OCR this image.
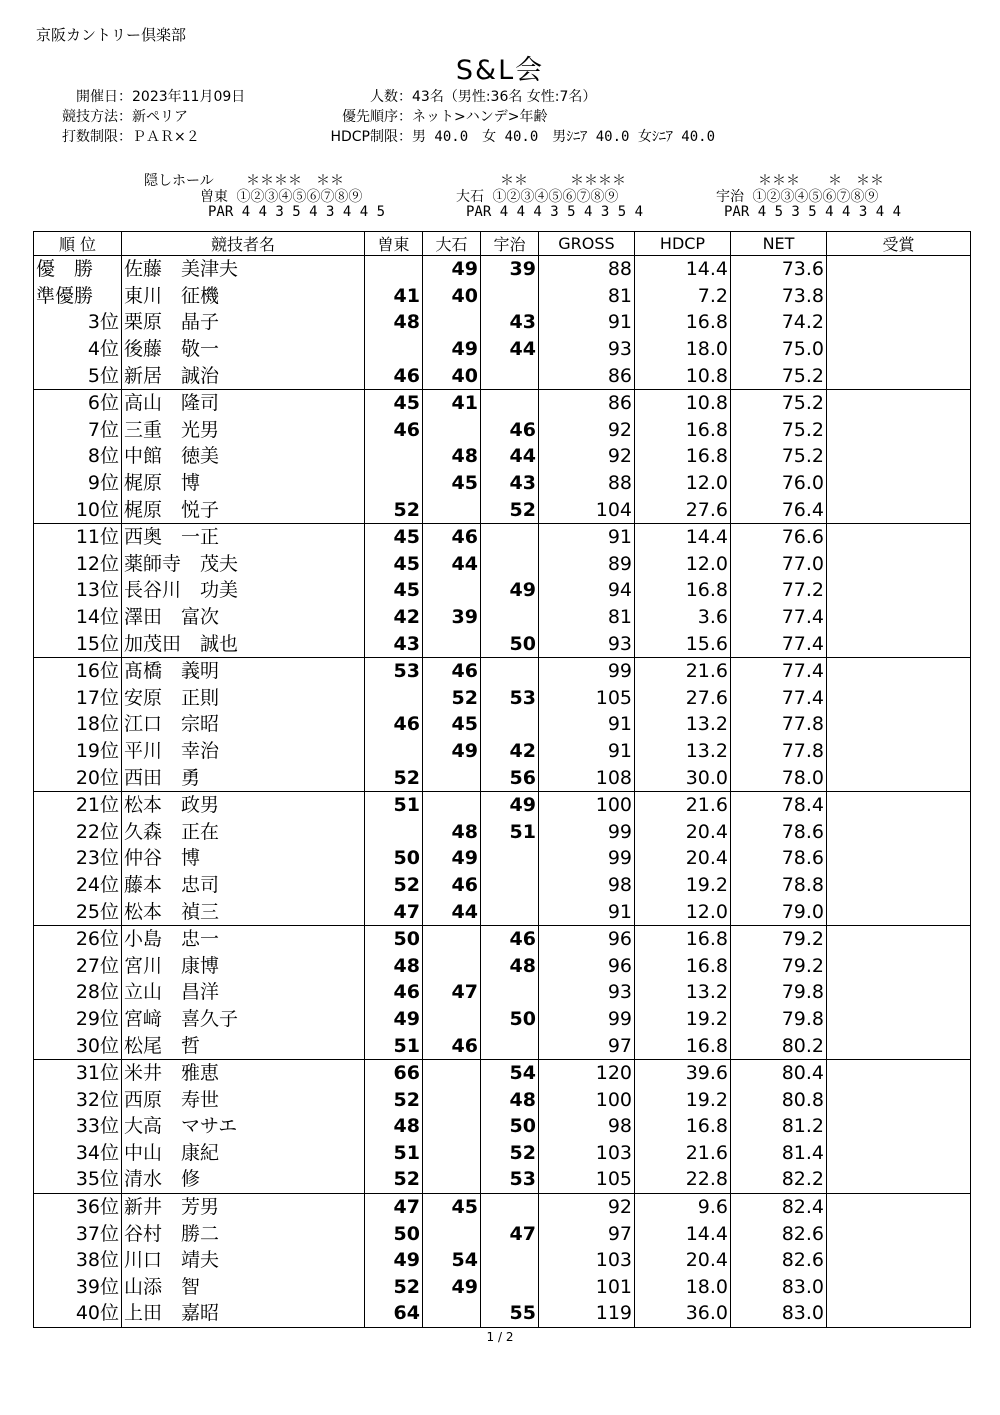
京阪カントリー倶楽部
S&L会
開催日：2023年11月09日
競技方法：新ペリア
打数制限：ＰＡＲ×２
人数：43名（男性:36名 女性:7名）
優先順序：ネット>ハンデ>年齢
HDCP制限：男 40.0　女 40.0　男ｼﾆｱ 40.0 女ｼﾆｱ 40.0
隠しホール ＊＊＊＊　＊＊
曽東 ①②③④⑤⑥⑦⑧⑨
PAR 4 4 3 5 4 3 4 4 5
＊＊　　　＊＊＊＊
大石 ①②③④⑤⑥⑦⑧⑨
PAR 4 4 4 3 5 4 3 5 4
＊＊＊　　＊　＊＊
宇治 ①②③④⑤⑥⑦⑧⑨
PAR 4 5 3 5 4 4 3 4 4
順 位	競技者名	曽東	大石	宇治	GROSS	HDCP	NET	受賞
優　勝	佐藤　美津夫		49	39	88	14.4	73.6	
準優勝	東川　征機	41	40		81	7.2	73.8	
3位	栗原　晶子	48		43	91	16.8	74.2	
4位	後藤　敬一		49	44	93	18.0	75.0	
5位	新居　誠治	46	40		86	10.8	75.2	
6位	高山　隆司	45	41		86	10.8	75.2	
7位	三重　光男	46		46	92	16.8	75.2	
8位	中館　徳美		48	44	92	16.8	75.2	
9位	梶原　博		45	43	88	12.0	76.0	
10位	梶原　悦子	52		52	104	27.6	76.4	
11位	西奥　一正	45	46		91	14.4	76.6	
12位	薬師寺　茂夫	45	44		89	12.0	77.0	
13位	長谷川　功美	45		49	94	16.8	77.2	
14位	澤田　富次	42	39		81	3.6	77.4	
15位	加茂田　誠也	43		50	93	15.6	77.4	
16位	髙橋　義明	53	46		99	21.6	77.4	
17位	安原　正則		52	53	105	27.6	77.4	
18位	江口　宗昭	46	45		91	13.2	77.8	
19位	平川　幸治		49	42	91	13.2	77.8	
20位	西田　勇	52		56	108	30.0	78.0	
21位	松本　政男	51		49	100	21.6	78.4	
22位	久森　正在		48	51	99	20.4	78.6	
23位	仲谷　博	50	49		99	20.4	78.6	
24位	藤本　忠司	52	46		98	19.2	78.8	
25位	松本　禎三	47	44		91	12.0	79.0	
26位	小島　忠一	50		46	96	16.8	79.2	
27位	宮川　康博	48		48	96	16.8	79.2	
28位	立山　昌洋	46	47		93	13.2	79.8	
29位	宮﨑　喜久子	49		50	99	19.2	79.8	
30位	松尾　哲	51	46		97	16.8	80.2	
31位	米井　雅恵	66		54	120	39.6	80.4	
32位	西原　寿世	52		48	100	19.2	80.8	
33位	大高　マサエ	48		50	98	16.8	81.2	
34位	中山　康紀	51		52	103	21.6	81.4	
35位	清水　修	52		53	105	22.8	82.2	
36位	新井　芳男	47	45		92	9.6	82.4	
37位	谷村　勝二	50		47	97	14.4	82.6	
38位	川口　靖夫	49	54		103	20.4	82.6	
39位	山添　智	52	49		101	18.0	83.0	
40位	上田　嘉昭	64		55	119	36.0	83.0	
1 / 2
